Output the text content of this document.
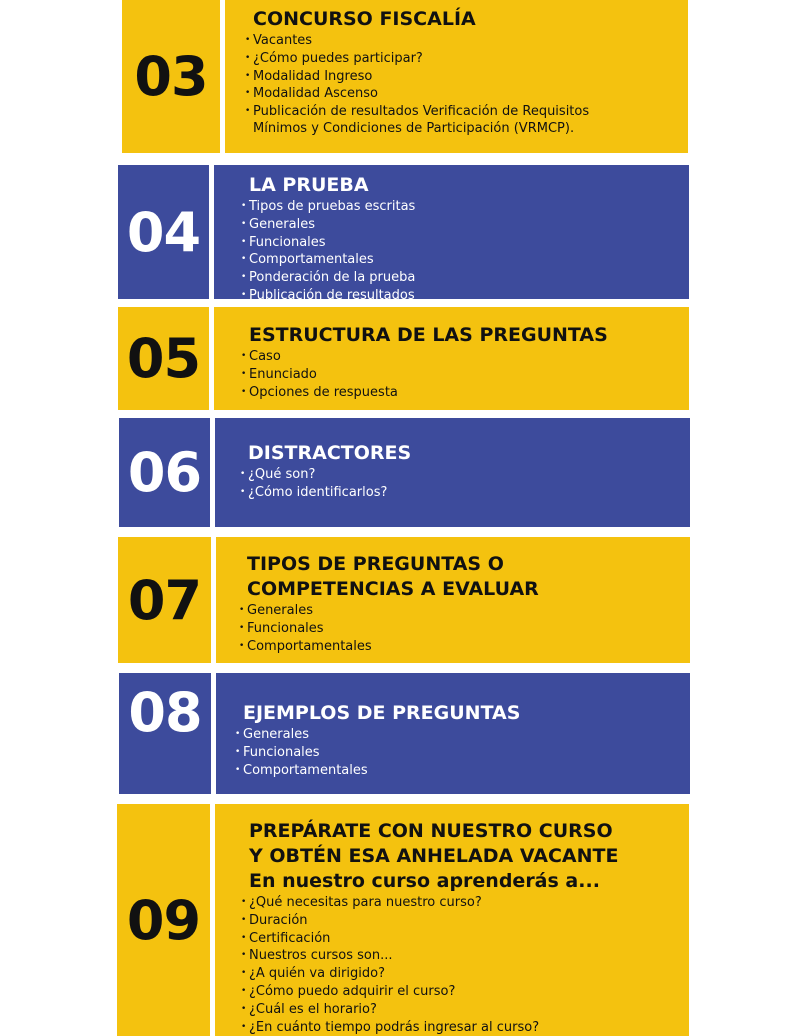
03
CONCURSO FISCALÍA
• Vacantes
• ¿Cómo puedes participar?
• Modalidad Ingreso
• Modalidad Ascenso
• Publicación de resultados Verificación de Requisitos
Mínimos y Condiciones de Participación (VRMCP).
04
LA PRUEBA
• Tipos de pruebas escritas
• Generales
• Funcionales
• Comportamentales
• Ponderación de la prueba
• Publicación de resultados
05	ESTRUCTURA DE LAS PREGUNTAS
• Caso
• Enunciado
• Opciones de respuesta
06	DISTRACTORES
• ¿Qué son?
• ¿Cómo identificarlos?
07
TIPOS DE PREGUNTAS O
COMPETENCIAS A EVALUAR
• Generales
• Funcionales
• Comportamentales
08	EJEMPLOS DE PREGUNTAS
• Generales
• Funcionales
• Comportamentales
09
PREPÁRATE CON NUESTRO CURSO
Y OBTÉN ESA ANHELADA VACANTE
En nuestro curso aprenderás a...
• ¿Qué necesitas para nuestro curso?
• Duración
• Certificación
• Nuestros cursos son...
• ¿A quién va dirigido?
• ¿Cómo puedo adquirir el curso?
• ¿Cuál es el horario?
• ¿En cuánto tiempo podrás ingresar al curso?
